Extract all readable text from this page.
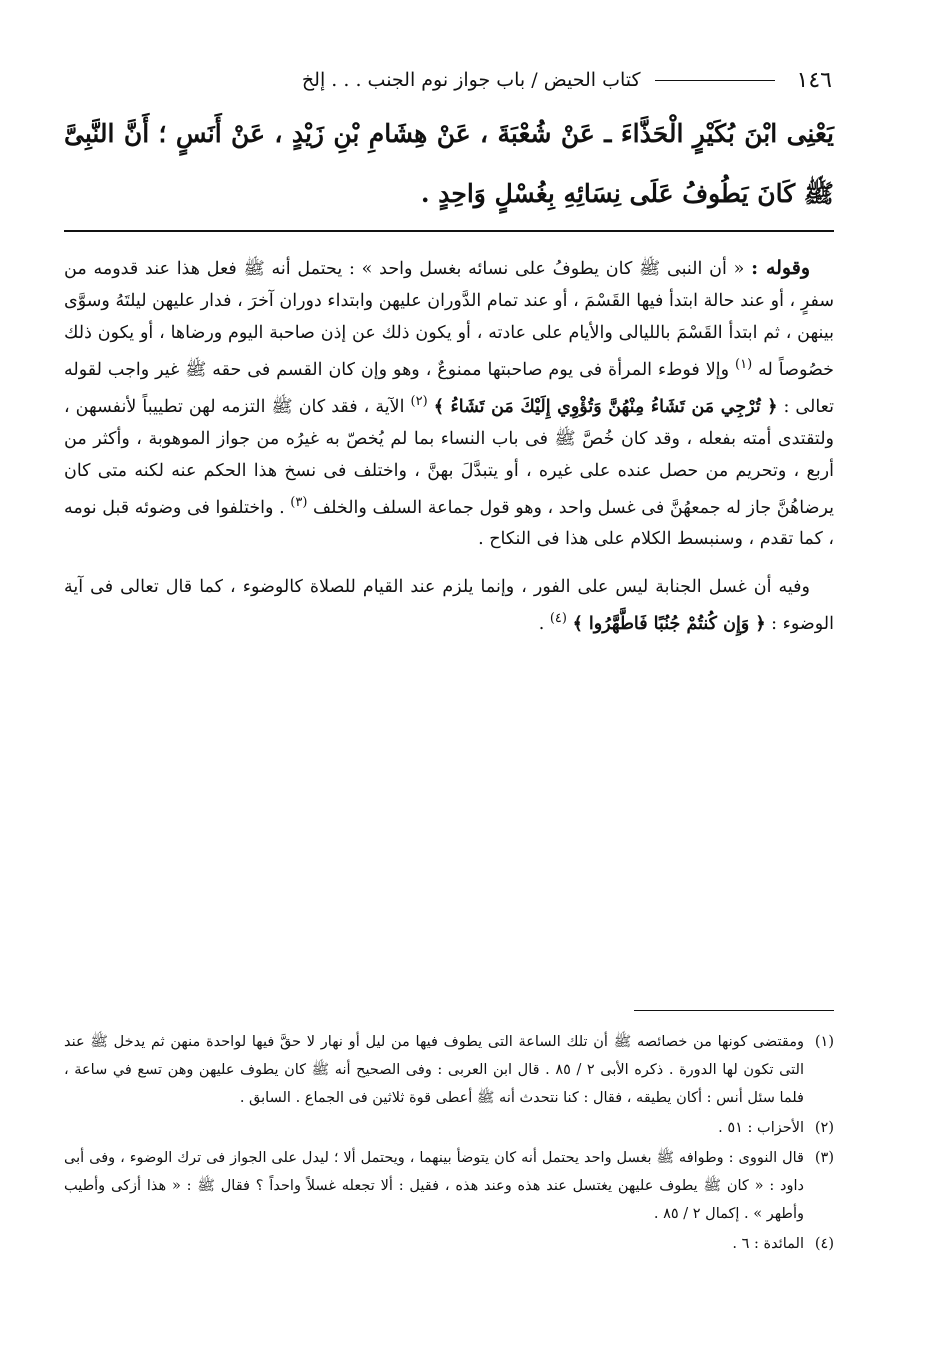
١٤٦
كتاب الحيض / باب جواز نوم الجنب . . . إلخ
يَعْنِى ابْنَ بُكَيْرٍ الْحَذَّاءَ ـ عَنْ شُعْبَةَ ، عَنْ هِشَامِ بْنِ زَيْدٍ ، عَنْ أَنَسٍ ؛ أَنَّ النَّبِىَّ ﷺ كَانَ يَطُوفُ عَلَى نِسَائِهِ بِغُسْلٍ وَاحِدٍ .

وقوله : « أن النبى ﷺ كان يطوفُ على نسائه بغسل واحد » : يحتمل أنه ﷺ فعل هذا عند قدومه من سفرٍ ، أو عند حالة ابتدأ فيها القَسْمَ ، أو عند تمام الدَّوران عليهن وابتداء دوران آخرَ ، فدار عليهن ليلتَهُ وسوَّى بينهن ، ثم ابتدأ القَسْمَ بالليالى والأيام على عادته ، أو يكون ذلك عن إذن صاحبة اليوم ورضاها ، أو يكون ذلك خصُوصاً له $^{(١)}$ وإلا فوطء المرأة فى يوم صاحبتها ممنوعٌ ، وهو وإن كان القسم فى حقه ﷺ غير واجب لقوله تعالى : ﴿ تُرْجِي مَن تَشَاءُ مِنْهُنَّ وَتُؤْوِي إِلَيْكَ مَن تَشَاءُ ﴾ $^{(٢)}$ الآية ، فقد كان ﷺ التزمه لهن تطييباً لأنفسهن ، ولتقتدى أمته بفعله ، وقد كان خُصَّ ﷺ فى باب النساء بما لم يُخصّ به غيرُه من جواز الموهوبة ، وأكثر من أربع ، وتحريم من حصل عنده على غيره ، أو يتبدَّلَ بهنَّ ، واختلف فى نسخ هذا الحكم عنه لكنه متى كان يرضاهُنَّ جاز له جمعهُنَّ فى غسل واحد ، وهو قول جماعة السلف والخلف $^{(٣)}$ . واختلفوا فى وضوئه قبل نومه ، كما تقدم ، وسنبسط الكلام على هذا فى النكاح .

وفيه أن غسل الجنابة ليس على الفور ، وإنما يلزم عند القيام للصلاة كالوضوء ، كما قال تعالى فى آية الوضوء : ﴿ وَإِن كُنتُمْ جُنُبًا فَاطَّهَّرُوا ﴾ $^{(٤)}$ .

(١)ومقتضى كونها من خصائصه ﷺ أن تلك الساعة التى يطوف فيها من ليل أو نهار لا حقَّ فيها لواحدة منهن ثم يدخل ﷺ عند التى تكون لها الدورة . ذكره الأبى ٢ / ٨٥ . قال ابن العربى : وفى الصحيح أنه ﷺ كان يطوف عليهن وهن تسع في ساعة ، فلما سئل أنس : أكان يطيقه ، فقال : كنا نتحدث أنه ﷺ أعطى قوة ثلاثين فى الجماع . السابق .
(٢)الأحزاب : ٥١ .
(٣)قال النووى : وطوافه ﷺ بغسل واحد يحتمل أنه كان يتوضأ بينهما ، ويحتمل ألا ؛ ليدل على الجواز فى ترك الوضوء ، وفى أبى داود : « كان ﷺ يطوف عليهن يغتسل عند هذه وعند هذه ، فقيل : ألا تجعله غسلاً واحداً ؟ فقال ﷺ : « هذا أزكى وأطيب وأطهر » . إكمال ٢ / ٨٥ .
(٤)المائدة : ٦ .
